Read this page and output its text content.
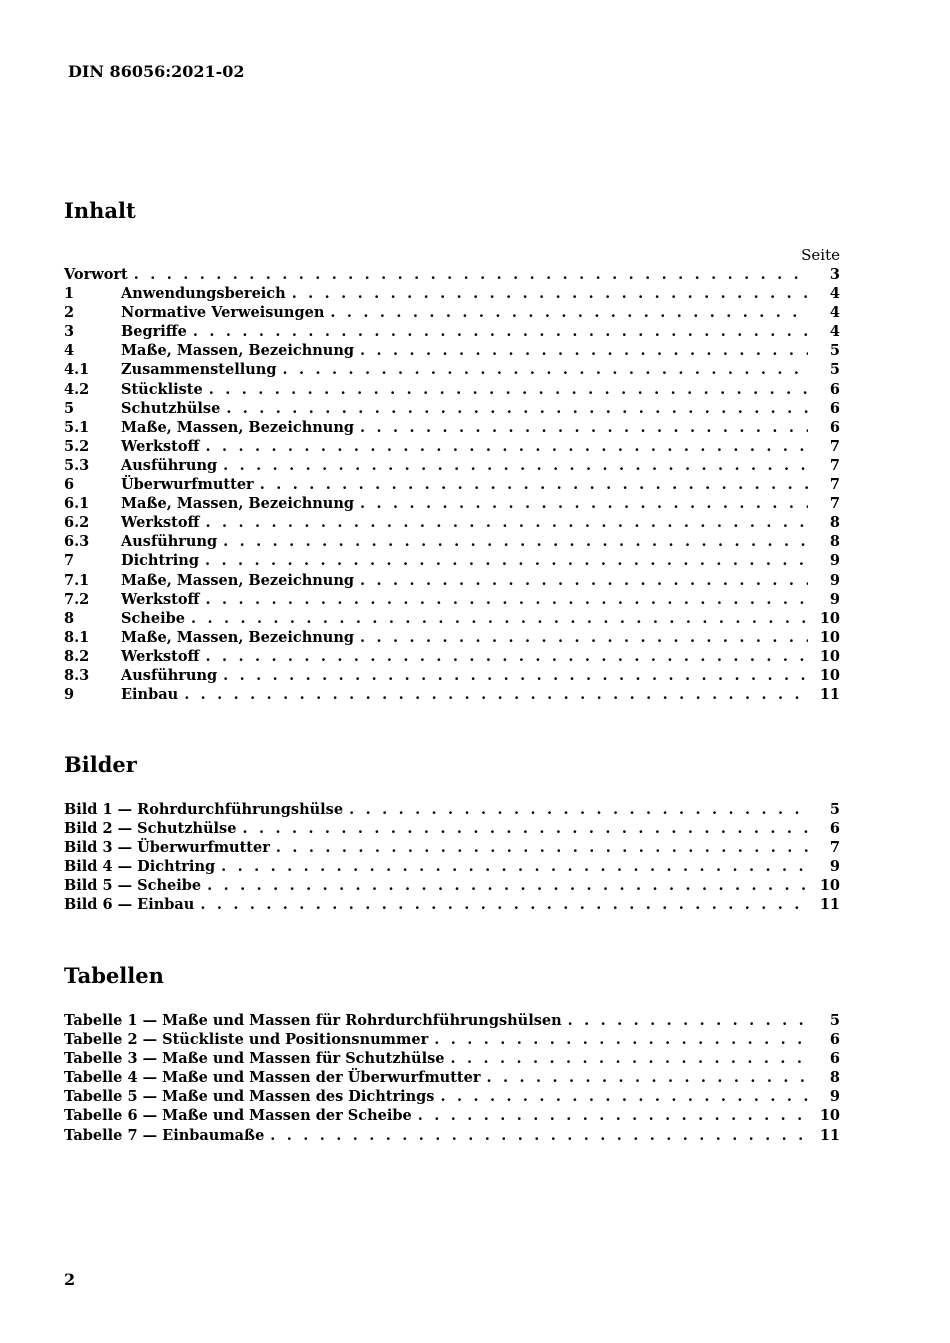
DIN 86056:2021-02
Inhalt
Seite
Vorwort . . .	3
1	Anwendungsbereich . . .	4
2	Normative Verweisungen . . .	4
3	Begriffe . . .	4
4	Maße, Massen, Bezeichnung . . .	5
4.1	Zusammenstellung . . .	5
4.2	Stückliste . . .	6
5	Schutzhülse . . .	6
5.1	Maße, Massen, Bezeichnung . . .	6
5.2	Werkstoff . . .	7
5.3	Ausführung . . .	7
6	Überwurfmutter . . .	7
6.1	Maße, Massen, Bezeichnung . . .	7
6.2	Werkstoff . . .	8
6.3	Ausführung . . .	8
7	Dichtring . . .	9
7.1	Maße, Massen, Bezeichnung . . .	9
7.2	Werkstoff . . .	9
8	Scheibe . . .	10
8.1	Maße, Massen, Bezeichnung . . .	10
8.2	Werkstoff . . .	10
8.3	Ausführung . . .	10
9	Einbau . . .	11
Bilder
Bild 1 — Rohrdurchführungshülse . . .	5
Bild 2 — Schutzhülse . . .	6
Bild 3 — Überwurfmutter . . .	7
Bild 4 — Dichtring . . .	9
Bild 5 — Scheibe . . .	10
Bild 6 — Einbau . . .	11
Tabellen
Tabelle 1 — Maße und Massen für Rohrdurchführungshülsen . . .	5
Tabelle 2 — Stückliste und Positionsnummer . . .	6
Tabelle 3 — Maße und Massen für Schutzhülse . . .	6
Tabelle 4 — Maße und Massen der Überwurfmutter . . .	8
Tabelle 5 — Maße und Massen des Dichtrings . . .	9
Tabelle 6 — Maße und Massen der Scheibe . . .	10
Tabelle 7 — Einbaumaße . . .	11
2
